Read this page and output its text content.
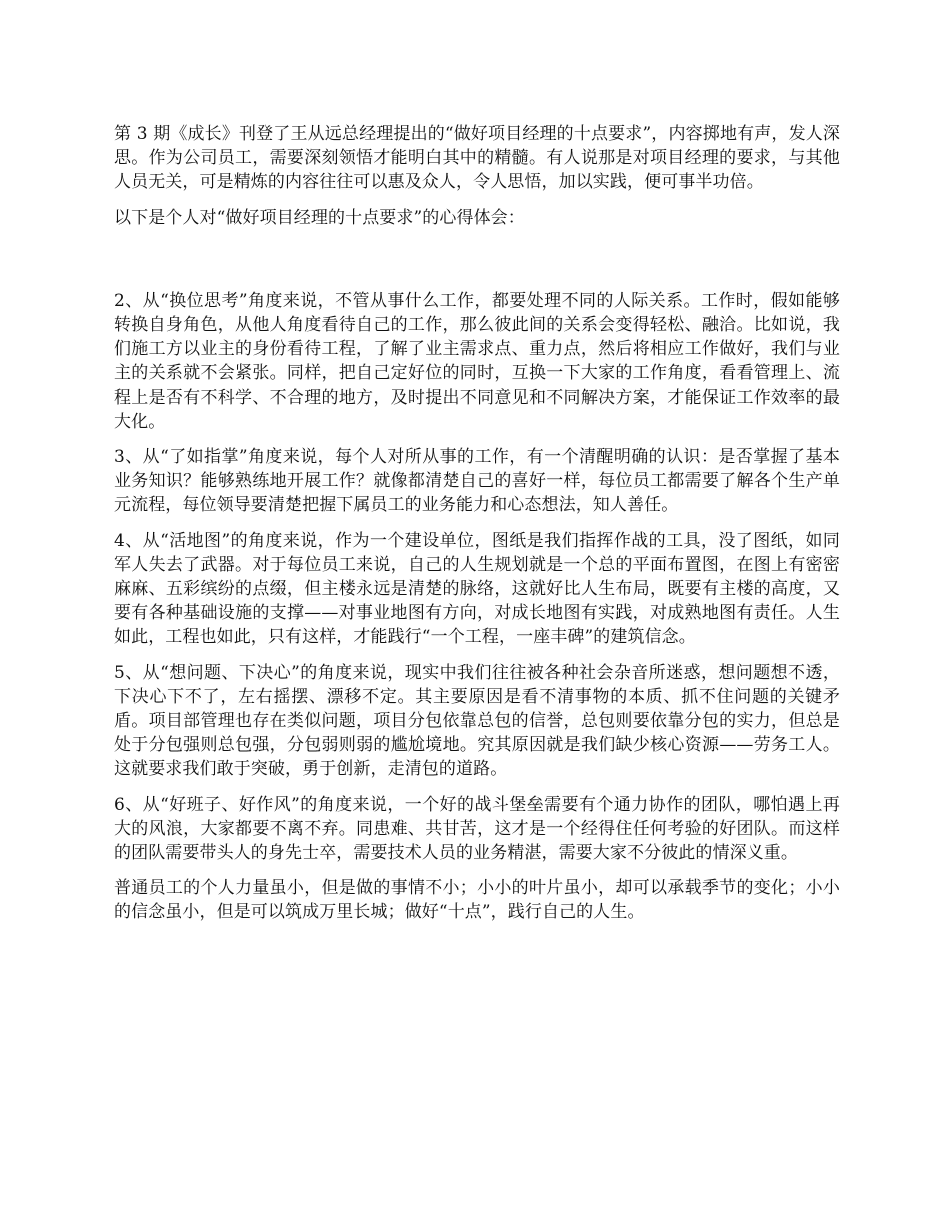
第 3 期《成长》刊登了王从远总经理提出的“做好项目经理的十点要求”，内容掷地有声，发人深思。作为公司员工，需要深刻领悟才能明白其中的精髓。有人说那是对项目经理的要求，与其他人员无关，可是精炼的内容往往可以惠及众人，令人思悟，加以实践，便可事半功倍。

以下是个人对“做好项目经理的十点要求”的心得体会：

2、从“换位思考”角度来说，不管从事什么工作，都要处理不同的人际关系。工作时，假如能够转换自身角色，从他人角度看待自己的工作，那么彼此间的关系会变得轻松、融洽。比如说，我们施工方以业主的身份看待工程，了解了业主需求点、重力点，然后将相应工作做好，我们与业主的关系就不会紧张。同样，把自己定好位的同时，互换一下大家的工作角度，看看管理上、流程上是否有不科学、不合理的地方，及时提出不同意见和不同解决方案，才能保证工作效率的最大化。

3、从“了如指掌”角度来说，每个人对所从事的工作，有一个清醒明确的认识：是否掌握了基本业务知识？能够熟练地开展工作？就像都清楚自己的喜好一样，每位员工都需要了解各个生产单元流程，每位领导要清楚把握下属员工的业务能力和心态想法，知人善任。

4、从“活地图”的角度来说，作为一个建设单位，图纸是我们指挥作战的工具，没了图纸，如同军人失去了武器。对于每位员工来说，自己的人生规划就是一个总的平面布置图，在图上有密密麻麻、五彩缤纷的点缀，但主楼永远是清楚的脉络，这就好比人生布局，既要有主楼的高度，又要有各种基础设施的支撑——对事业地图有方向，对成长地图有实践，对成熟地图有责任。人生如此，工程也如此，只有这样，才能践行“一个工程，一座丰碑”的建筑信念。

5、从“想问题、下决心”的角度来说，现实中我们往往被各种社会杂音所迷惑，想问题想不透，下决心下不了，左右摇摆、漂移不定。其主要原因是看不清事物的本质、抓不住问题的关键矛盾。项目部管理也存在类似问题，项目分包依靠总包的信誉，总包则要依靠分包的实力，但总是处于分包强则总包强，分包弱则弱的尴尬境地。究其原因就是我们缺少核心资源——劳务工人。这就要求我们敢于突破，勇于创新，走清包的道路。

6、从“好班子、好作风”的角度来说，一个好的战斗堡垒需要有个通力协作的团队，哪怕遇上再大的风浪，大家都要不离不弃。同患难、共甘苦，这才是一个经得住任何考验的好团队。而这样的团队需要带头人的身先士卒，需要技术人员的业务精湛，需要大家不分彼此的情深义重。

普通员工的个人力量虽小，但是做的事情不小；小小的叶片虽小，却可以承载季节的变化；小小的信念虽小，但是可以筑成万里长城；做好“十点”，践行自己的人生。
